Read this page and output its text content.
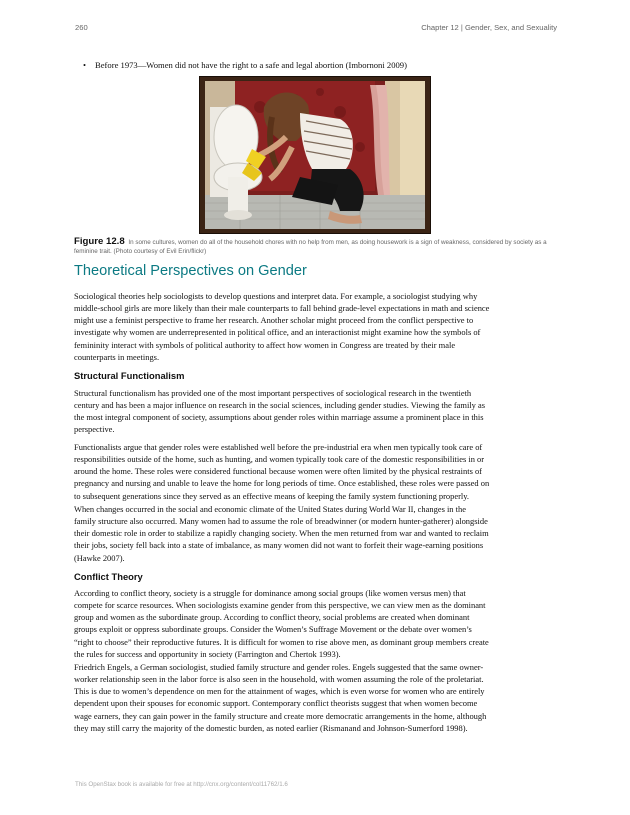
260	Chapter 12 | Gender, Sex, and Sexuality
• Before 1973—Women did not have the right to a safe and legal abortion (Imbornoni 2009)
Figure 12.8 In some cultures, women do all of the household chores with no help from men, as doing housework is a sign of weakness, considered by society as a feminine trait. (Photo courtesy of Evil Erin/flickr)
Theoretical Perspectives on Gender
Sociological theories help sociologists to develop questions and interpret data. For example, a sociologist studying why
middle-school girls are more likely than their male counterparts to fall behind grade-level expectations in math and science
might use a feminist perspective to frame her research. Another scholar might proceed from the conflict perspective to
investigate why women are underrepresented in political office, and an interactionist might examine how the symbols of
femininity interact with symbols of political authority to affect how women in Congress are treated by their male
counterparts in meetings.
Structural Functionalism
Structural functionalism has provided one of the most important perspectives of sociological research in the twentieth
century and has been a major influence on research in the social sciences, including gender studies. Viewing the family as
the most integral component of society, assumptions about gender roles within marriage assume a prominent place in this
perspective.
Functionalists argue that gender roles were established well before the pre-industrial era when men typically took care of
responsibilities outside of the home, such as hunting, and women typically took care of the domestic responsibilities in or
around the home. These roles were considered functional because women were often limited by the physical restraints of
pregnancy and nursing and unable to leave the home for long periods of time. Once established, these roles were passed on
to subsequent generations since they served as an effective means of keeping the family system functioning properly.
When changes occurred in the social and economic climate of the United States during World War II, changes in the
family structure also occurred. Many women had to assume the role of breadwinner (or modern hunter-gatherer) alongside
their domestic role in order to stabilize a rapidly changing society. When the men returned from war and wanted to reclaim
their jobs, society fell back into a state of imbalance, as many women did not want to forfeit their wage-earning positions
(Hawke 2007).
Conflict Theory
According to conflict theory, society is a struggle for dominance among social groups (like women versus men) that
compete for scarce resources. When sociologists examine gender from this perspective, we can view men as the dominant
group and women as the subordinate group. According to conflict theory, social problems are created when dominant
groups exploit or oppress subordinate groups. Consider the Women’s Suffrage Movement or the debate over women’s
“right to choose” their reproductive futures. It is difficult for women to rise above men, as dominant group members create
the rules for success and opportunity in society (Farrington and Chertok 1993).
Friedrich Engels, a German sociologist, studied family structure and gender roles. Engels suggested that the same owner-
worker relationship seen in the labor force is also seen in the household, with women assuming the role of the proletariat.
This is due to women’s dependence on men for the attainment of wages, which is even worse for women who are entirely
dependent upon their spouses for economic support. Contemporary conflict theorists suggest that when women become
wage earners, they can gain power in the family structure and create more democratic arrangements in the home, although
they may still carry the majority of the domestic burden, as noted earlier (Rismanand and Johnson-Sumerford 1998).
This OpenStax book is available for free at http://cnx.org/content/col11762/1.6
